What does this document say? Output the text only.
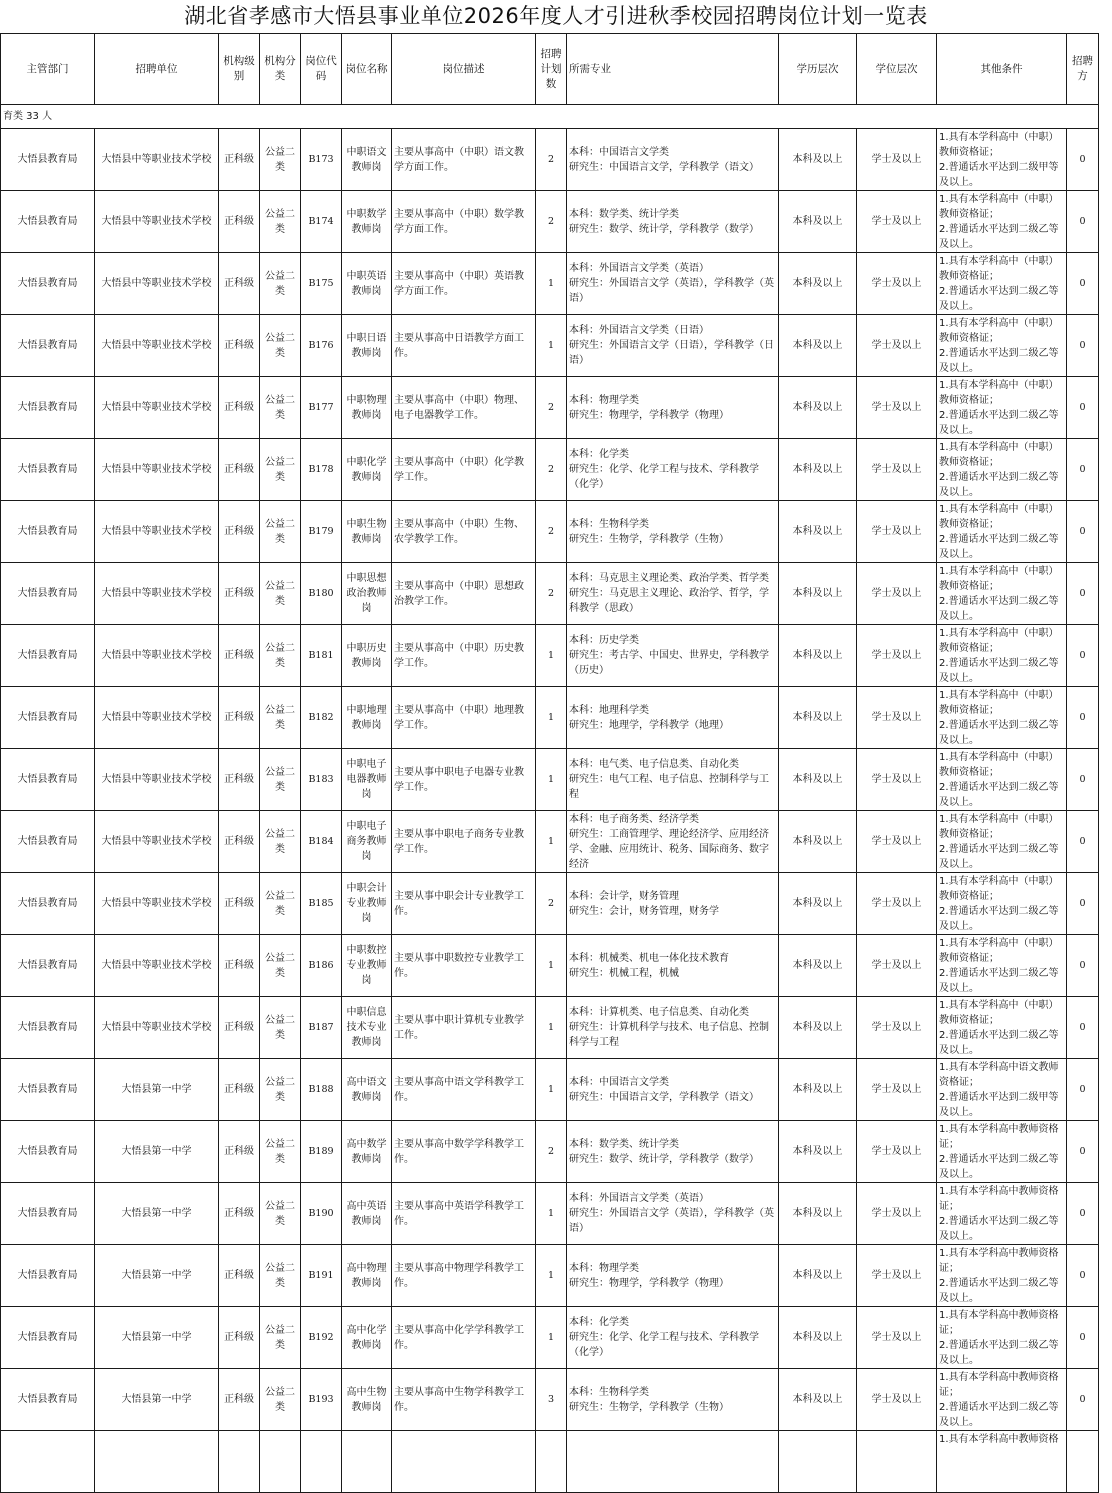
湖北省孝感市大悟县事业单位2026年度人才引进秋季校园招聘岗位计划一览表
主管部门	招聘单位	机构级别	机构分类	岗位代码	岗位名称	岗位描述	招聘计划数	所需专业	学历层次	学位层次	其他条件	招聘方
育类 33 人												

大悟县教育局	大悟县中等职业技术学校	正科级	公益二类	B173	中职语文教师岗	主要从事高中（中职）语文教学方面工作。	2	本科：中国语言文学类
研究生：中国语言文学，学科教学（语文）	本科及以上	学士及以上	1.具有本学科高中（中职）教师资格证；
2.普通话水平达到二级甲等及以上。	0

大悟县教育局	大悟县中等职业技术学校	正科级	公益二类	B174	中职数学教师岗	主要从事高中（中职）数学教学方面工作。	2	本科：数学类、统计学类
研究生：数学、统计学，学科教学（数学）	本科及以上	学士及以上	1.具有本学科高中（中职）教师资格证；
2.普通话水平达到二级乙等及以上。	0

大悟县教育局	大悟县中等职业技术学校	正科级	公益二类	B175	中职英语教师岗	主要从事高中（中职）英语教学方面工作。	1	本科：外国语言文学类（英语）
研究生：外国语言文学（英语），学科教学（英语）	本科及以上	学士及以上	1.具有本学科高中（中职）教师资格证；
2.普通话水平达到二级乙等及以上。	0

大悟县教育局	大悟县中等职业技术学校	正科级	公益二类	B176	中职日语教师岗	主要从事高中日语教学方面工作。	1	本科：外国语言文学类（日语）
研究生：外国语言文学（日语），学科教学（日语）	本科及以上	学士及以上	1.具有本学科高中（中职）教师资格证；
2.普通话水平达到二级乙等及以上。	0

大悟县教育局	大悟县中等职业技术学校	正科级	公益二类	B177	中职物理教师岗	主要从事高中（中职）物理、电子电器教学工作。	2	本科：物理学类
研究生：物理学，学科教学（物理）	本科及以上	学士及以上	1.具有本学科高中（中职）教师资格证；
2.普通话水平达到二级乙等及以上。	0

大悟县教育局	大悟县中等职业技术学校	正科级	公益二类	B178	中职化学教师岗	主要从事高中（中职）化学教学工作。	2	本科：化学类
研究生：化学、化学工程与技术、学科教学（化学）	本科及以上	学士及以上	1.具有本学科高中（中职）教师资格证；
2.普通话水平达到二级乙等及以上。	0

大悟县教育局	大悟县中等职业技术学校	正科级	公益二类	B179	中职生物教师岗	主要从事高中（中职）生物、农学教学工作。	2	本科：生物科学类
研究生：生物学，学科教学（生物）	本科及以上	学士及以上	1.具有本学科高中（中职）教师资格证；
2.普通话水平达到二级乙等及以上。	0

大悟县教育局	大悟县中等职业技术学校	正科级	公益二类	B180	中职思想政治教师岗	主要从事高中（中职）思想政治教学工作。	2	本科：马克思主义理论类、政治学类、哲学类
研究生：马克思主义理论、政治学、哲学，学科教学（思政）	本科及以上	学士及以上	1.具有本学科高中（中职）教师资格证；
2.普通话水平达到二级乙等及以上。	0

大悟县教育局	大悟县中等职业技术学校	正科级	公益二类	B181	中职历史教师岗	主要从事高中（中职）历史教学工作。	1	本科：历史学类
研究生：考古学、中国史、世界史，学科教学（历史）	本科及以上	学士及以上	1.具有本学科高中（中职）教师资格证；
2.普通话水平达到二级乙等及以上。	0

大悟县教育局	大悟县中等职业技术学校	正科级	公益二类	B182	中职地理教师岗	主要从事高中（中职）地理教学工作。	1	本科：地理科学类
研究生：地理学，学科教学（地理）	本科及以上	学士及以上	1.具有本学科高中（中职）教师资格证；
2.普通话水平达到二级乙等及以上。	0

大悟县教育局	大悟县中等职业技术学校	正科级	公益二类	B183	中职电子电器教师岗	主要从事中职电子电器专业教学工作。	1	本科：电气类、电子信息类、自动化类
研究生：电气工程、电子信息、控制科学与工程	本科及以上	学士及以上	1.具有本学科高中（中职）教师资格证；
2.普通话水平达到二级乙等及以上。	0

大悟县教育局	大悟县中等职业技术学校	正科级	公益二类	B184	中职电子商务教师岗	主要从事中职电子商务专业教学工作。	1	本科：电子商务类、经济学类
研究生：工商管理学、理论经济学、应用经济学、金融、应用统计、税务、国际商务、数字经济	本科及以上	学士及以上	1.具有本学科高中（中职）教师资格证；
2.普通话水平达到二级乙等及以上。	0

大悟县教育局	大悟县中等职业技术学校	正科级	公益二类	B185	中职会计专业教师岗	主要从事中职会计专业教学工作。	2	本科：会计学，财务管理
研究生：会计，财务管理，财务学	本科及以上	学士及以上	1.具有本学科高中（中职）教师资格证；
2.普通话水平达到二级乙等及以上。	0

大悟县教育局	大悟县中等职业技术学校	正科级	公益二类	B186	中职数控专业教师岗	主要从事中职数控专业教学工作。	1	本科：机械类、机电一体化技术教育
研究生：机械工程，机械	本科及以上	学士及以上	1.具有本学科高中（中职）教师资格证；
2.普通话水平达到二级乙等及以上。	0

大悟县教育局	大悟县中等职业技术学校	正科级	公益二类	B187	中职信息技术专业教师岗	主要从事中职计算机专业教学工作。	1	本科：计算机类、电子信息类、自动化类
研究生：计算机科学与技术、电子信息、控制科学与工程	本科及以上	学士及以上	1.具有本学科高中（中职）教师资格证；
2.普通话水平达到二级乙等及以上。	0

大悟县教育局	大悟县第一中学	正科级	公益二类	B188	高中语文教师岗	主要从事高中语文学科教学工作。	1	本科：中国语言文学类
研究生：中国语言文学，学科教学（语文）	本科及以上	学士及以上	1.具有本学科高中语文教师资格证；
2.普通话水平达到二级甲等及以上。	0

大悟县教育局	大悟县第一中学	正科级	公益二类	B189	高中数学教师岗	主要从事高中数学学科教学工作。	2	本科：数学类、统计学类
研究生：数学、统计学，学科教学（数学）	本科及以上	学士及以上	1.具有本学科高中教师资格证；
2.普通话水平达到二级乙等及以上。	0

大悟县教育局	大悟县第一中学	正科级	公益二类	B190	高中英语教师岗	主要从事高中英语学科教学工作。	1	本科：外国语言文学类（英语）
研究生：外国语言文学（英语），学科教学（英语）	本科及以上	学士及以上	1.具有本学科高中教师资格证；
2.普通话水平达到二级乙等及以上。	0

大悟县教育局	大悟县第一中学	正科级	公益二类	B191	高中物理教师岗	主要从事高中物理学科教学工作。	1	本科：物理学类
研究生：物理学，学科教学（物理）	本科及以上	学士及以上	1.具有本学科高中教师资格证；
2.普通话水平达到二级乙等及以上。	0

大悟县教育局	大悟县第一中学	正科级	公益二类	B192	高中化学教师岗	主要从事高中化学学科教学工作。	1	本科：化学类
研究生：化学、化学工程与技术、学科教学（化学）	本科及以上	学士及以上	1.具有本学科高中教师资格证；
2.普通话水平达到二级乙等及以上。	0

大悟县教育局	大悟县第一中学	正科级	公益二类	B193	高中生物教师岗	主要从事高中生物学科教学工作。	3	本科：生物科学类
研究生：生物学，学科教学（生物）	本科及以上	学士及以上	1.具有本学科高中教师资格证；
2.普通话水平达到二级乙等及以上。	0

											1.具有本学科高中教师资格	
